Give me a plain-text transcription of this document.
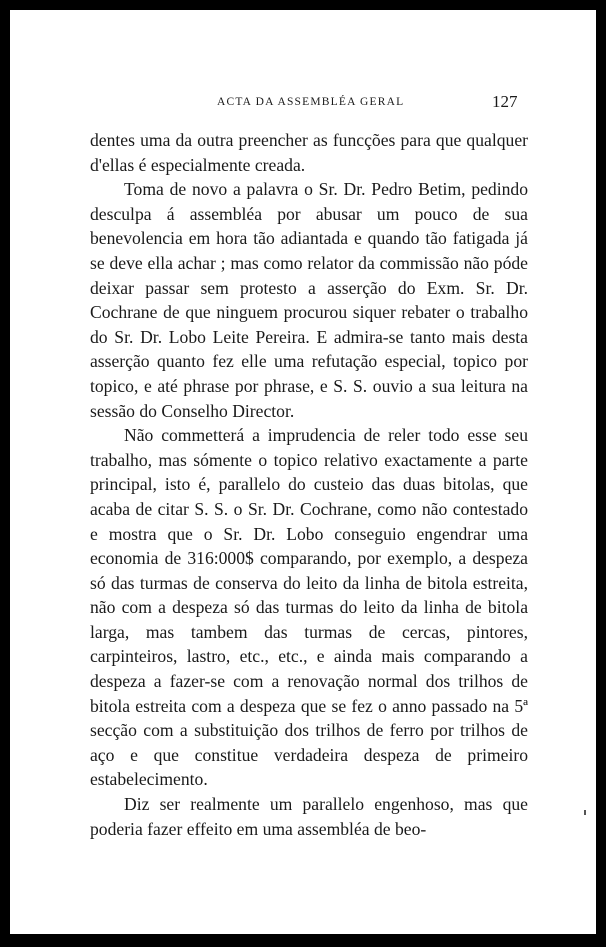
ACTA DA ASSEMBLÉA GERAL	127

dentes uma da outra preencher as funcções para que qualquer d'ellas é especialmente creada.

Toma de novo a palavra o Sr. Dr. Pedro Betim, pedindo desculpa á assembléa por abusar um pouco de sua benevolencia em hora tão adiantada e quando tão fatigada já se deve ella achar ; mas como relator da commissão não póde deixar passar sem protesto a asserção do Exm. Sr. Dr. Cochrane de que ninguem procurou siquer rebater o trabalho do Sr. Dr. Lobo Leite Pereira. E admira-se tanto mais desta asserção quanto fez elle uma refutação especial, topico por topico, e até phrase por phrase, e S. S. ouvio a sua leitura na sessão do Conselho Director.

Não commetterá a imprudencia de reler todo esse seu trabalho, mas sómente o topico relativo exactamente a parte principal, isto é, parallelo do custeio das duas bitolas, que acaba de citar S. S. o Sr. Dr. Cochrane, como não contestado e mostra que o Sr. Dr. Lobo conseguio engendrar uma economia de 316:000$ comparando, por exemplo, a despeza só das turmas de conserva do leito da linha de bitola estreita, não com a despeza só das turmas do leito da linha de bitola larga, mas tambem das turmas de cercas, pintores, carpinteiros, lastro, etc., etc., e ainda mais comparando a despeza a fazer-se com a renovação normal dos trilhos de bitola estreita com a despeza que se fez o anno passado na 5ª secção com a substituição dos trilhos de ferro por trilhos de aço e que constitue verdadeira despeza de primeiro estabelecimento.

Diz ser realmente um parallelo engenhoso, mas que poderia fazer effeito em uma assembléa de beo-
